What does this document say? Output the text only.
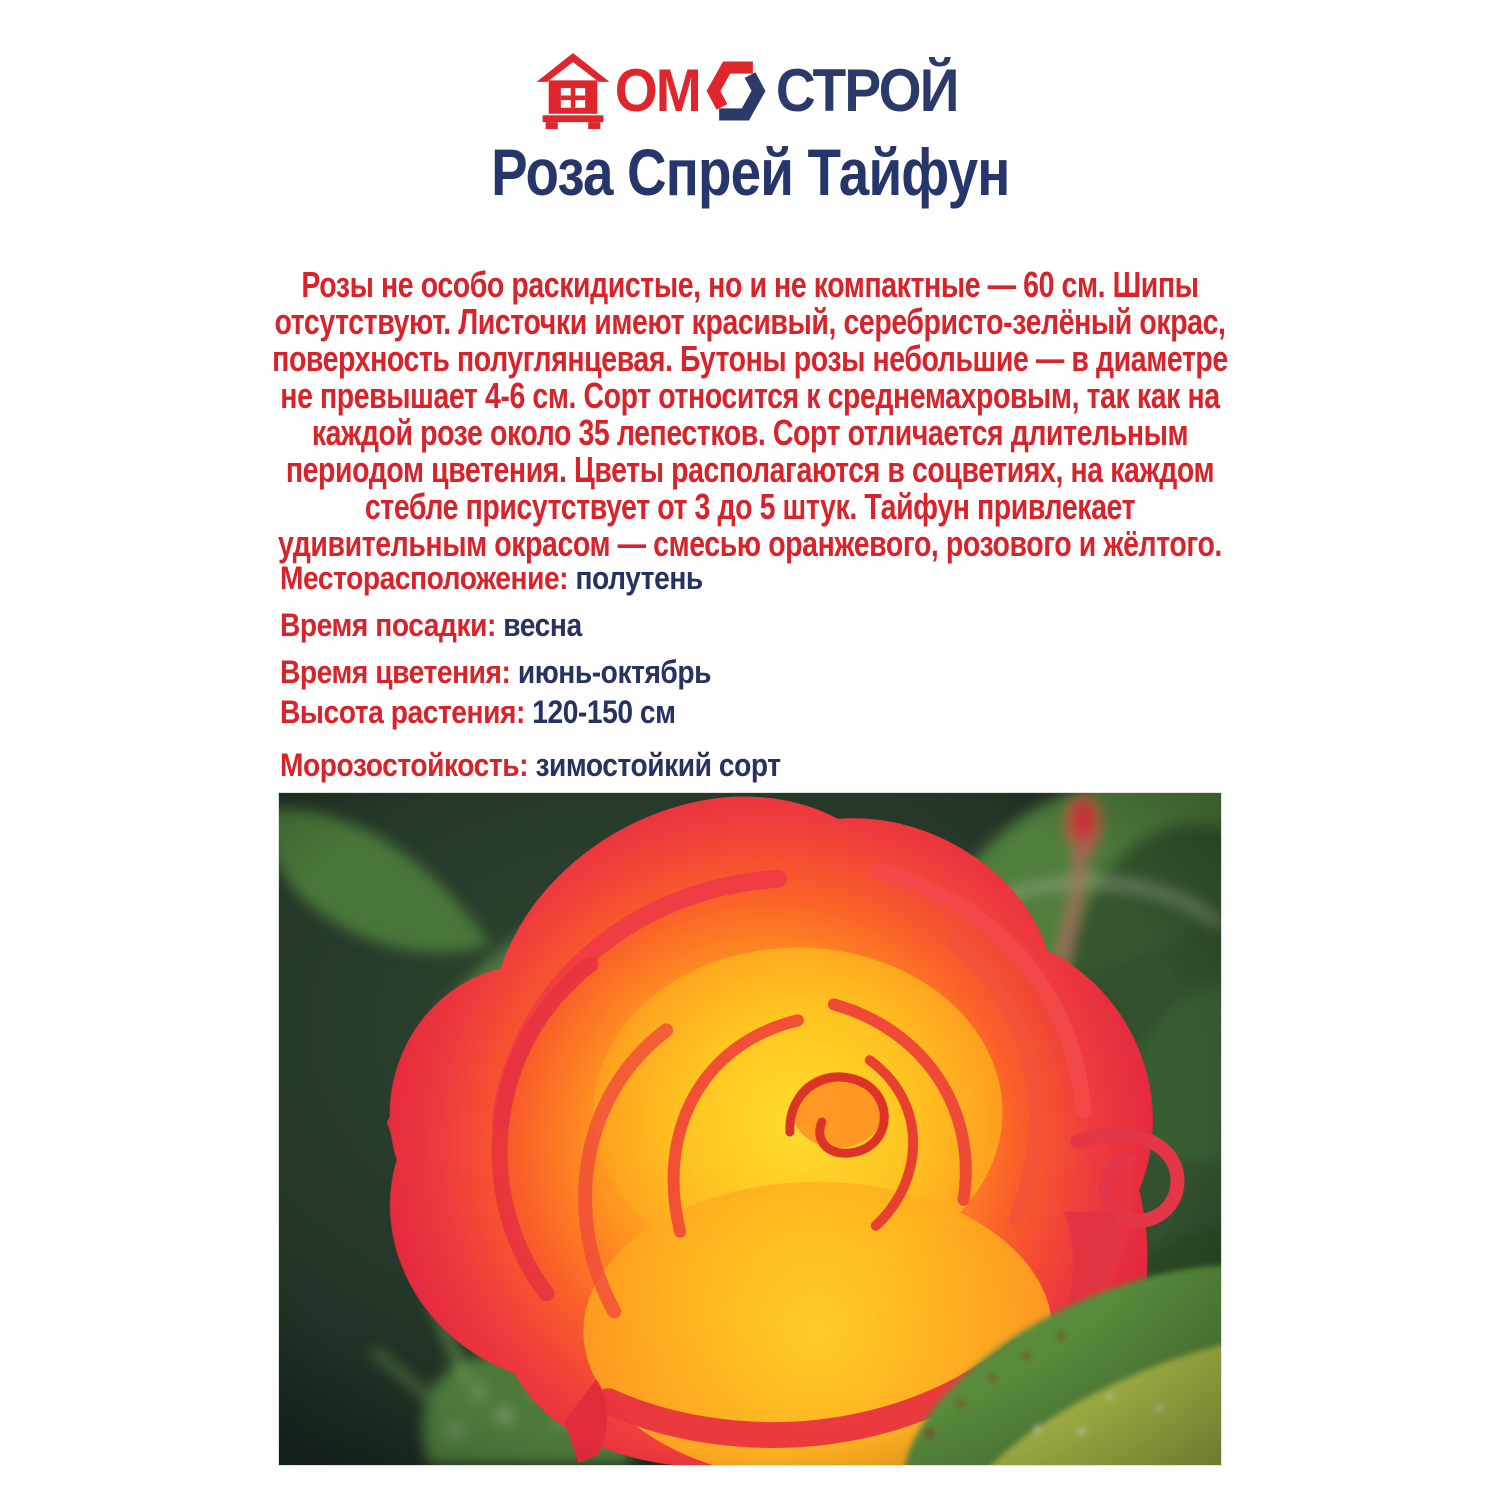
ОМ СТРОЙ
Роза Спрей Тайфун

Розы не особо раскидистые, но и не компактные — 60 см. Шипы отсутствуют. Листочки имеют красивый, серебристо-зелёный окрас, поверхность полуглянцевая. Бутоны розы небольшие — в диаметре не превышает 4-6 см. Сорт относится к среднемахровым, так как на каждой розе около 35 лепестков. Сорт отличается длительным периодом цветения. Цветы располагаются в соцветиях, на каждом стебле присутствует от 3 до 5 штук. Тайфун привлекает удивительным окрасом — смесью оранжевого, розового и жёлтого.

Месторасположение: полутень
Время посадки: весна
Время цветения: июнь-октябрь
Высота растения: 120-150 см
Морозостойкость: зимостойкий сорт
